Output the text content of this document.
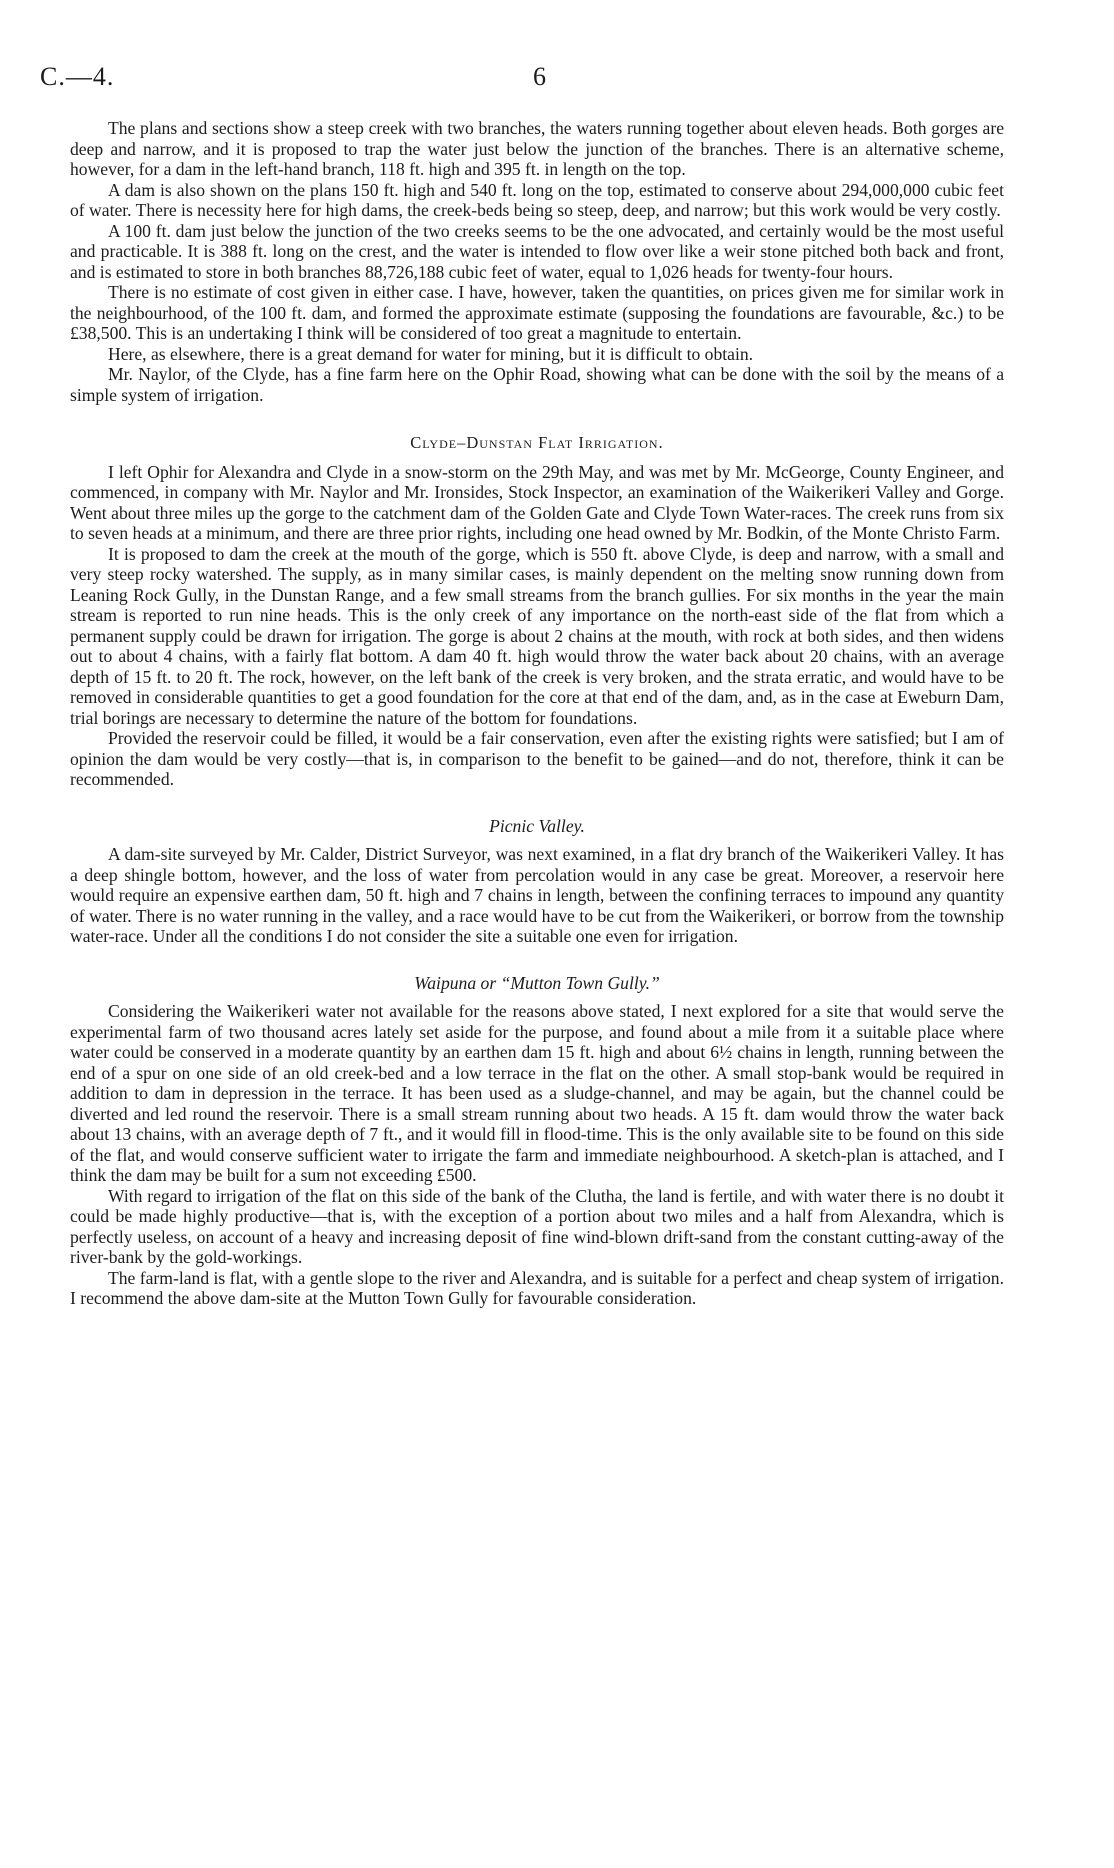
C.—4.	6

The plans and sections show a steep creek with two branches, the waters running together about eleven heads. Both gorges are deep and narrow, and it is proposed to trap the water just below the junction of the branches. There is an alternative scheme, however, for a dam in the left-hand branch, 118 ft. high and 395 ft. in length on the top.

A dam is also shown on the plans 150 ft. high and 540 ft. long on the top, estimated to conserve about 294,000,000 cubic feet of water. There is necessity here for high dams, the creek-beds being so steep, deep, and narrow; but this work would be very costly.

A 100 ft. dam just below the junction of the two creeks seems to be the one advocated, and certainly would be the most useful and practicable. It is 388 ft. long on the crest, and the water is intended to flow over like a weir stone pitched both back and front, and is estimated to store in both branches 88,726,188 cubic feet of water, equal to 1,026 heads for twenty-four hours.

There is no estimate of cost given in either case. I have, however, taken the quantities, on prices given me for similar work in the neighbourhood, of the 100 ft. dam, and formed the approximate estimate (supposing the foundations are favourable, &c.) to be £38,500. This is an undertaking I think will be considered of too great a magnitude to entertain.

Here, as elsewhere, there is a great demand for water for mining, but it is difficult to obtain.

Mr. Naylor, of the Clyde, has a fine farm here on the Ophir Road, showing what can be done with the soil by the means of a simple system of irrigation.

Clyde–Dunstan Flat Irrigation.

I left Ophir for Alexandra and Clyde in a snow-storm on the 29th May, and was met by Mr. McGeorge, County Engineer, and commenced, in company with Mr. Naylor and Mr. Ironsides, Stock Inspector, an examination of the Waikerikeri Valley and Gorge. Went about three miles up the gorge to the catchment dam of the Golden Gate and Clyde Town Water-races. The creek runs from six to seven heads at a minimum, and there are three prior rights, including one head owned by Mr. Bodkin, of the Monte Christo Farm.

It is proposed to dam the creek at the mouth of the gorge, which is 550 ft. above Clyde, is deep and narrow, with a small and very steep rocky watershed. The supply, as in many similar cases, is mainly dependent on the melting snow running down from Leaning Rock Gully, in the Dunstan Range, and a few small streams from the branch gullies. For six months in the year the main stream is reported to run nine heads. This is the only creek of any importance on the north-east side of the flat from which a permanent supply could be drawn for irrigation. The gorge is about 2 chains at the mouth, with rock at both sides, and then widens out to about 4 chains, with a fairly flat bottom. A dam 40 ft. high would throw the water back about 20 chains, with an average depth of 15 ft. to 20 ft. The rock, however, on the left bank of the creek is very broken, and the strata erratic, and would have to be removed in considerable quantities to get a good foundation for the core at that end of the dam, and, as in the case at Eweburn Dam, trial borings are necessary to determine the nature of the bottom for foundations.

Provided the reservoir could be filled, it would be a fair conservation, even after the existing rights were satisfied; but I am of opinion the dam would be very costly—that is, in comparison to the benefit to be gained—and do not, therefore, think it can be recommended.

Picnic Valley.

A dam-site surveyed by Mr. Calder, District Surveyor, was next examined, in a flat dry branch of the Waikerikeri Valley. It has a deep shingle bottom, however, and the loss of water from percolation would in any case be great. Moreover, a reservoir here would require an expensive earthen dam, 50 ft. high and 7 chains in length, between the confining terraces to impound any quantity of water. There is no water running in the valley, and a race would have to be cut from the Waikerikeri, or borrow from the township water-race. Under all the conditions I do not consider the site a suitable one even for irrigation.

Waipuna or “Mutton Town Gully.”

Considering the Waikerikeri water not available for the reasons above stated, I next explored for a site that would serve the experimental farm of two thousand acres lately set aside for the purpose, and found about a mile from it a suitable place where water could be conserved in a moderate quantity by an earthen dam 15 ft. high and about 6½ chains in length, running between the end of a spur on one side of an old creek-bed and a low terrace in the flat on the other. A small stop-bank would be required in addition to dam in depression in the terrace. It has been used as a sludge-channel, and may be again, but the channel could be diverted and led round the reservoir. There is a small stream running about two heads. A 15 ft. dam would throw the water back about 13 chains, with an average depth of 7 ft., and it would fill in flood-time. This is the only available site to be found on this side of the flat, and would conserve sufficient water to irrigate the farm and immediate neighbourhood. A sketch-plan is attached, and I think the dam may be built for a sum not exceeding £500.

With regard to irrigation of the flat on this side of the bank of the Clutha, the land is fertile, and with water there is no doubt it could be made highly productive—that is, with the exception of a portion about two miles and a half from Alexandra, which is perfectly useless, on account of a heavy and increasing deposit of fine wind-blown drift-sand from the constant cutting-away of the river-bank by the gold-workings.

The farm-land is flat, with a gentle slope to the river and Alexandra, and is suitable for a perfect and cheap system of irrigation. I recommend the above dam-site at the Mutton Town Gully for favourable consideration.
